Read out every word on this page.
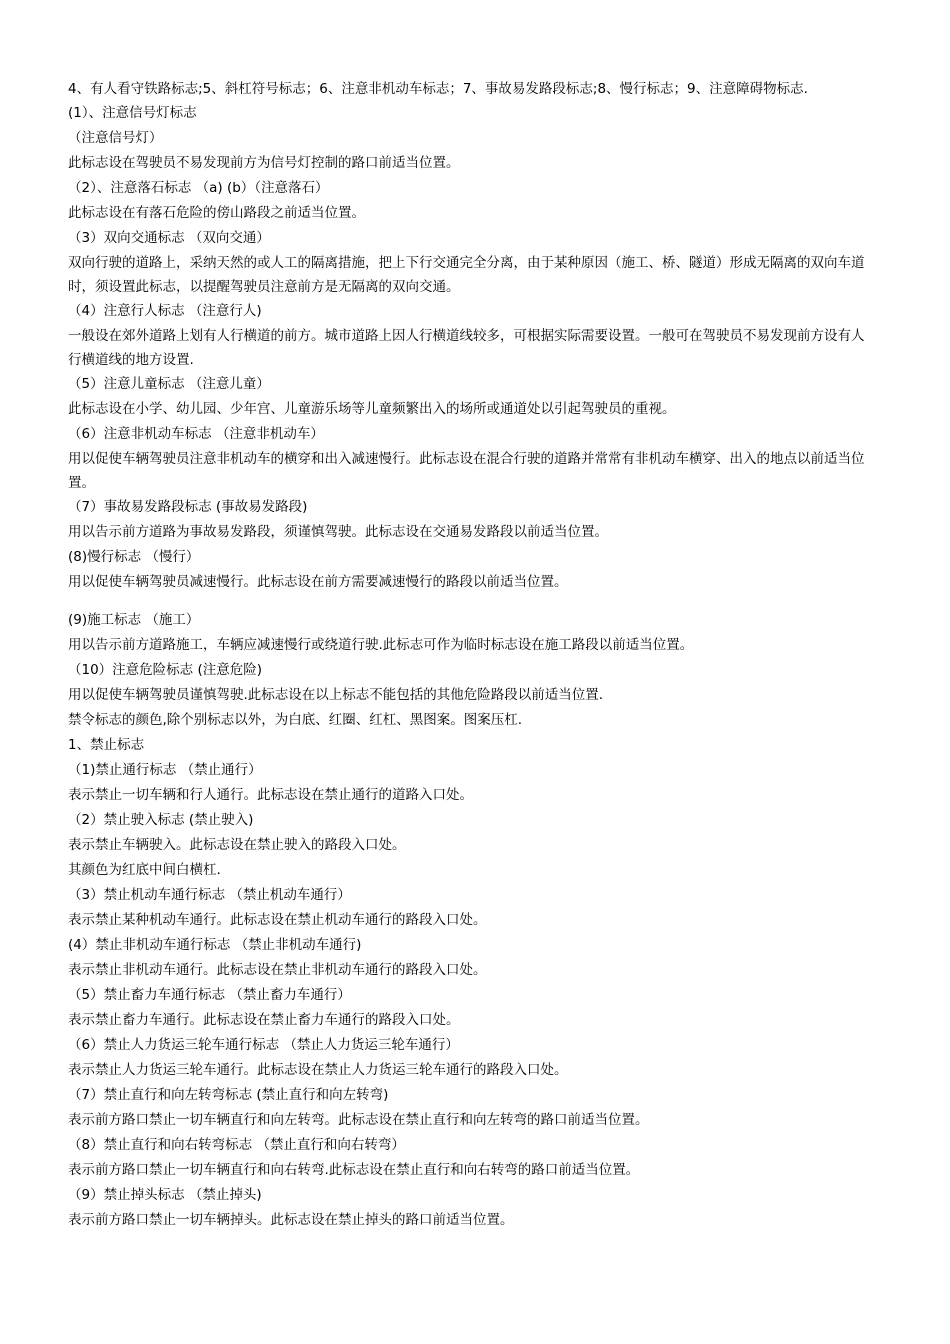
4、有人看守铁路标志;5、斜杠符号标志；6、注意非机动车标志；7、事故易发路段标志;8、慢行标志；9、注意障碍物标志.
(1）、注意信号灯标志
（注意信号灯）
此标志设在驾驶员不易发现前方为信号灯控制的路口前适当位置。
（2）、注意落石标志 （a) (b）（注意落石）
此标志设在有落石危险的傍山路段之前适当位置。
（3）双向交通标志 （双向交通）
双向行驶的道路上，采纳天然的或人工的隔离措施，把上下行交通完全分离，由于某种原因（施工、桥、隧道）形成无隔离的双向车道时，须设置此标志，以提醒驾驶员注意前方是无隔离的双向交通。
（4）注意行人标志 （注意行人)
一般设在郊外道路上划有人行横道的前方。城市道路上因人行横道线较多，可根据实际需要设置。一般可在驾驶员不易发现前方设有人行横道线的地方设置.
（5）注意儿童标志 （注意儿童）
此标志设在小学、幼儿园、少年宫、儿童游乐场等儿童频繁出入的场所或通道处以引起驾驶员的重视。
（6）注意非机动车标志 （注意非机动车）
用以促使车辆驾驶员注意非机动车的横穿和出入减速慢行。此标志设在混合行驶的道路并常常有非机动车横穿、出入的地点以前适当位置。
（7）事故易发路段标志 (事故易发路段)
用以告示前方道路为事故易发路段，须谨慎驾驶。此标志设在交通易发路段以前适当位置。
(8)慢行标志 （慢行）
用以促使车辆驾驶员减速慢行。此标志设在前方需要减速慢行的路段以前适当位置。
(9)施工标志 （施工）
用以告示前方道路施工，车辆应减速慢行或绕道行驶.此标志可作为临时标志设在施工路段以前适当位置。
（10）注意危险标志 (注意危险)
用以促使车辆驾驶员谨慎驾驶.此标志设在以上标志不能包括的其他危险路段以前适当位置.
禁令标志的颜色,除个别标志以外，为白底、红圈、红杠、黑图案。图案压杠.
1、禁止标志
（1)禁止通行标志 （禁止通行）
表示禁止一切车辆和行人通行。此标志设在禁止通行的道路入口处。
（2）禁止驶入标志 (禁止驶入)
表示禁止车辆驶入。此标志设在禁止驶入的路段入口处。
其颜色为红底中间白横杠.
（3）禁止机动车通行标志 （禁止机动车通行）
表示禁止某种机动车通行。此标志设在禁止机动车通行的路段入口处。
(4）禁止非机动车通行标志 （禁止非机动车通行)
表示禁止非机动车通行。此标志设在禁止非机动车通行的路段入口处。
（5）禁止畜力车通行标志 （禁止畜力车通行）
表示禁止畜力车通行。此标志设在禁止畜力车通行的路段入口处。
（6）禁止人力货运三轮车通行标志 （禁止人力货运三轮车通行）
表示禁止人力货运三轮车通行。此标志设在禁止人力货运三轮车通行的路段入口处。
（7）禁止直行和向左转弯标志 (禁止直行和向左转弯)
表示前方路口禁止一切车辆直行和向左转弯。此标志设在禁止直行和向左转弯的路口前适当位置。
（8）禁止直行和向右转弯标志 （禁止直行和向右转弯）
表示前方路口禁止一切车辆直行和向右转弯.此标志设在禁止直行和向右转弯的路口前适当位置。
（9）禁止掉头标志 （禁止掉头)
表示前方路口禁止一切车辆掉头。此标志设在禁止掉头的路口前适当位置。
